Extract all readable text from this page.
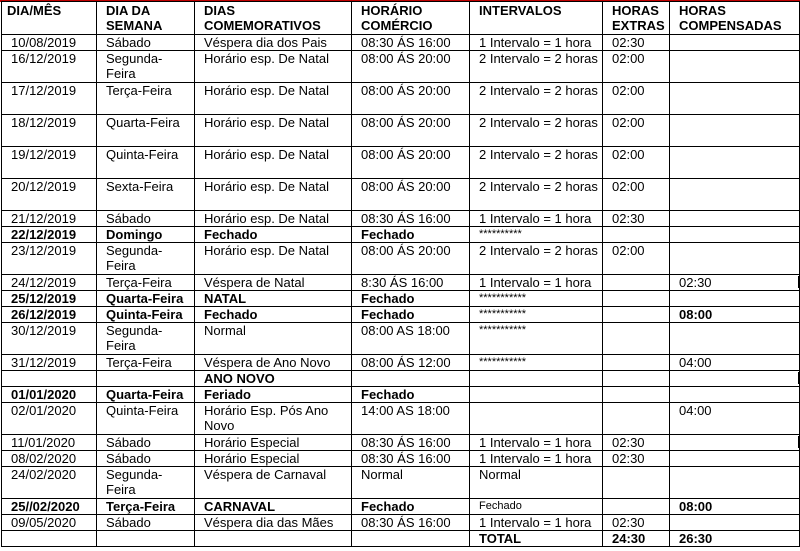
DIA/MÊS	DIA DA SEMANA	DIAS COMEMORATIVOS	HORÁRIO COMÉRCIO	INTERVALOS	HORAS EXTRAS	HORAS COMPENSADAS
10/08/2019	Sábado	Véspera dia dos Pais	08:30 ÁS 16:00	1 Intervalo = 1 hora	02:30	
16/12/2019	Segunda-Feira	Horário esp. De Natal	08:00 ÁS 20:00	2 Intervalo = 2 horas	02:00	
17/12/2019	Terça-Feira	Horário esp. De Natal	08:00 ÁS 20:00	2 Intervalo = 2 horas	02:00	
18/12/2019	Quarta-Feira	Horário esp. De Natal	08:00 ÁS 20:00	2 Intervalo = 2 horas	02:00	
19/12/2019	Quinta-Feira	Horário esp. De Natal	08:00 ÁS 20:00	2 Intervalo = 2 horas	02:00	
20/12/2019	Sexta-Feira	Horário esp. De Natal	08:00 ÁS 20:00	2 Intervalo = 2 horas	02:00	
21/12/2019	Sábado	Horário esp. De Natal	08:30 ÁS 16:00	1 Intervalo = 1 hora	02:30	
22/12/2019	Domingo	Fechado	Fechado	**********		
23/12/2019	Segunda-Feira	Horário esp. De Natal	08:00 ÁS 20:00	2 Intervalo = 2 horas	02:00	
24/12/2019	Terça-Feira	Véspera de Natal	8:30 ÁS 16:00	1 Intervalo = 1 hora		02:30
25/12/2019	Quarta-Feira	NATAL	Fechado	***********		
26/12/2019	Quinta-Feira	Fechado	Fechado	***********		08:00
30/12/2019	Segunda-Feira	Normal	08:00 AS 18:00	***********		
31/12/2019	Terça-Feira	Véspera de Ano Novo	08:00 ÁS 12:00	***********		04:00
		ANO NOVO				
01/01/2020	Quarta-Feira	Feriado	Fechado			
02/01/2020	Quinta-Feira	Horário Esp. Pós Ano Novo	14:00 AS 18:00			04:00
11/01/2020	Sábado	Horário Especial	08:30 ÁS 16:00	1 Intervalo = 1 hora	02:30	
08/02/2020	Sábado	Horário Especial	08:30 ÁS 16:00	1 Intervalo = 1 hora	02:30	
24/02/2020	Segunda-Feira	Véspera de Carnaval	Normal	Normal		
25//02/2020	Terça-Feira	CARNAVAL	Fechado	Fechado		08:00
09/05/2020	Sábado	Véspera dia das Mães	08:30 ÁS 16:00	1 Intervalo = 1 hora	02:30	
				TOTAL	24:30	26:30
